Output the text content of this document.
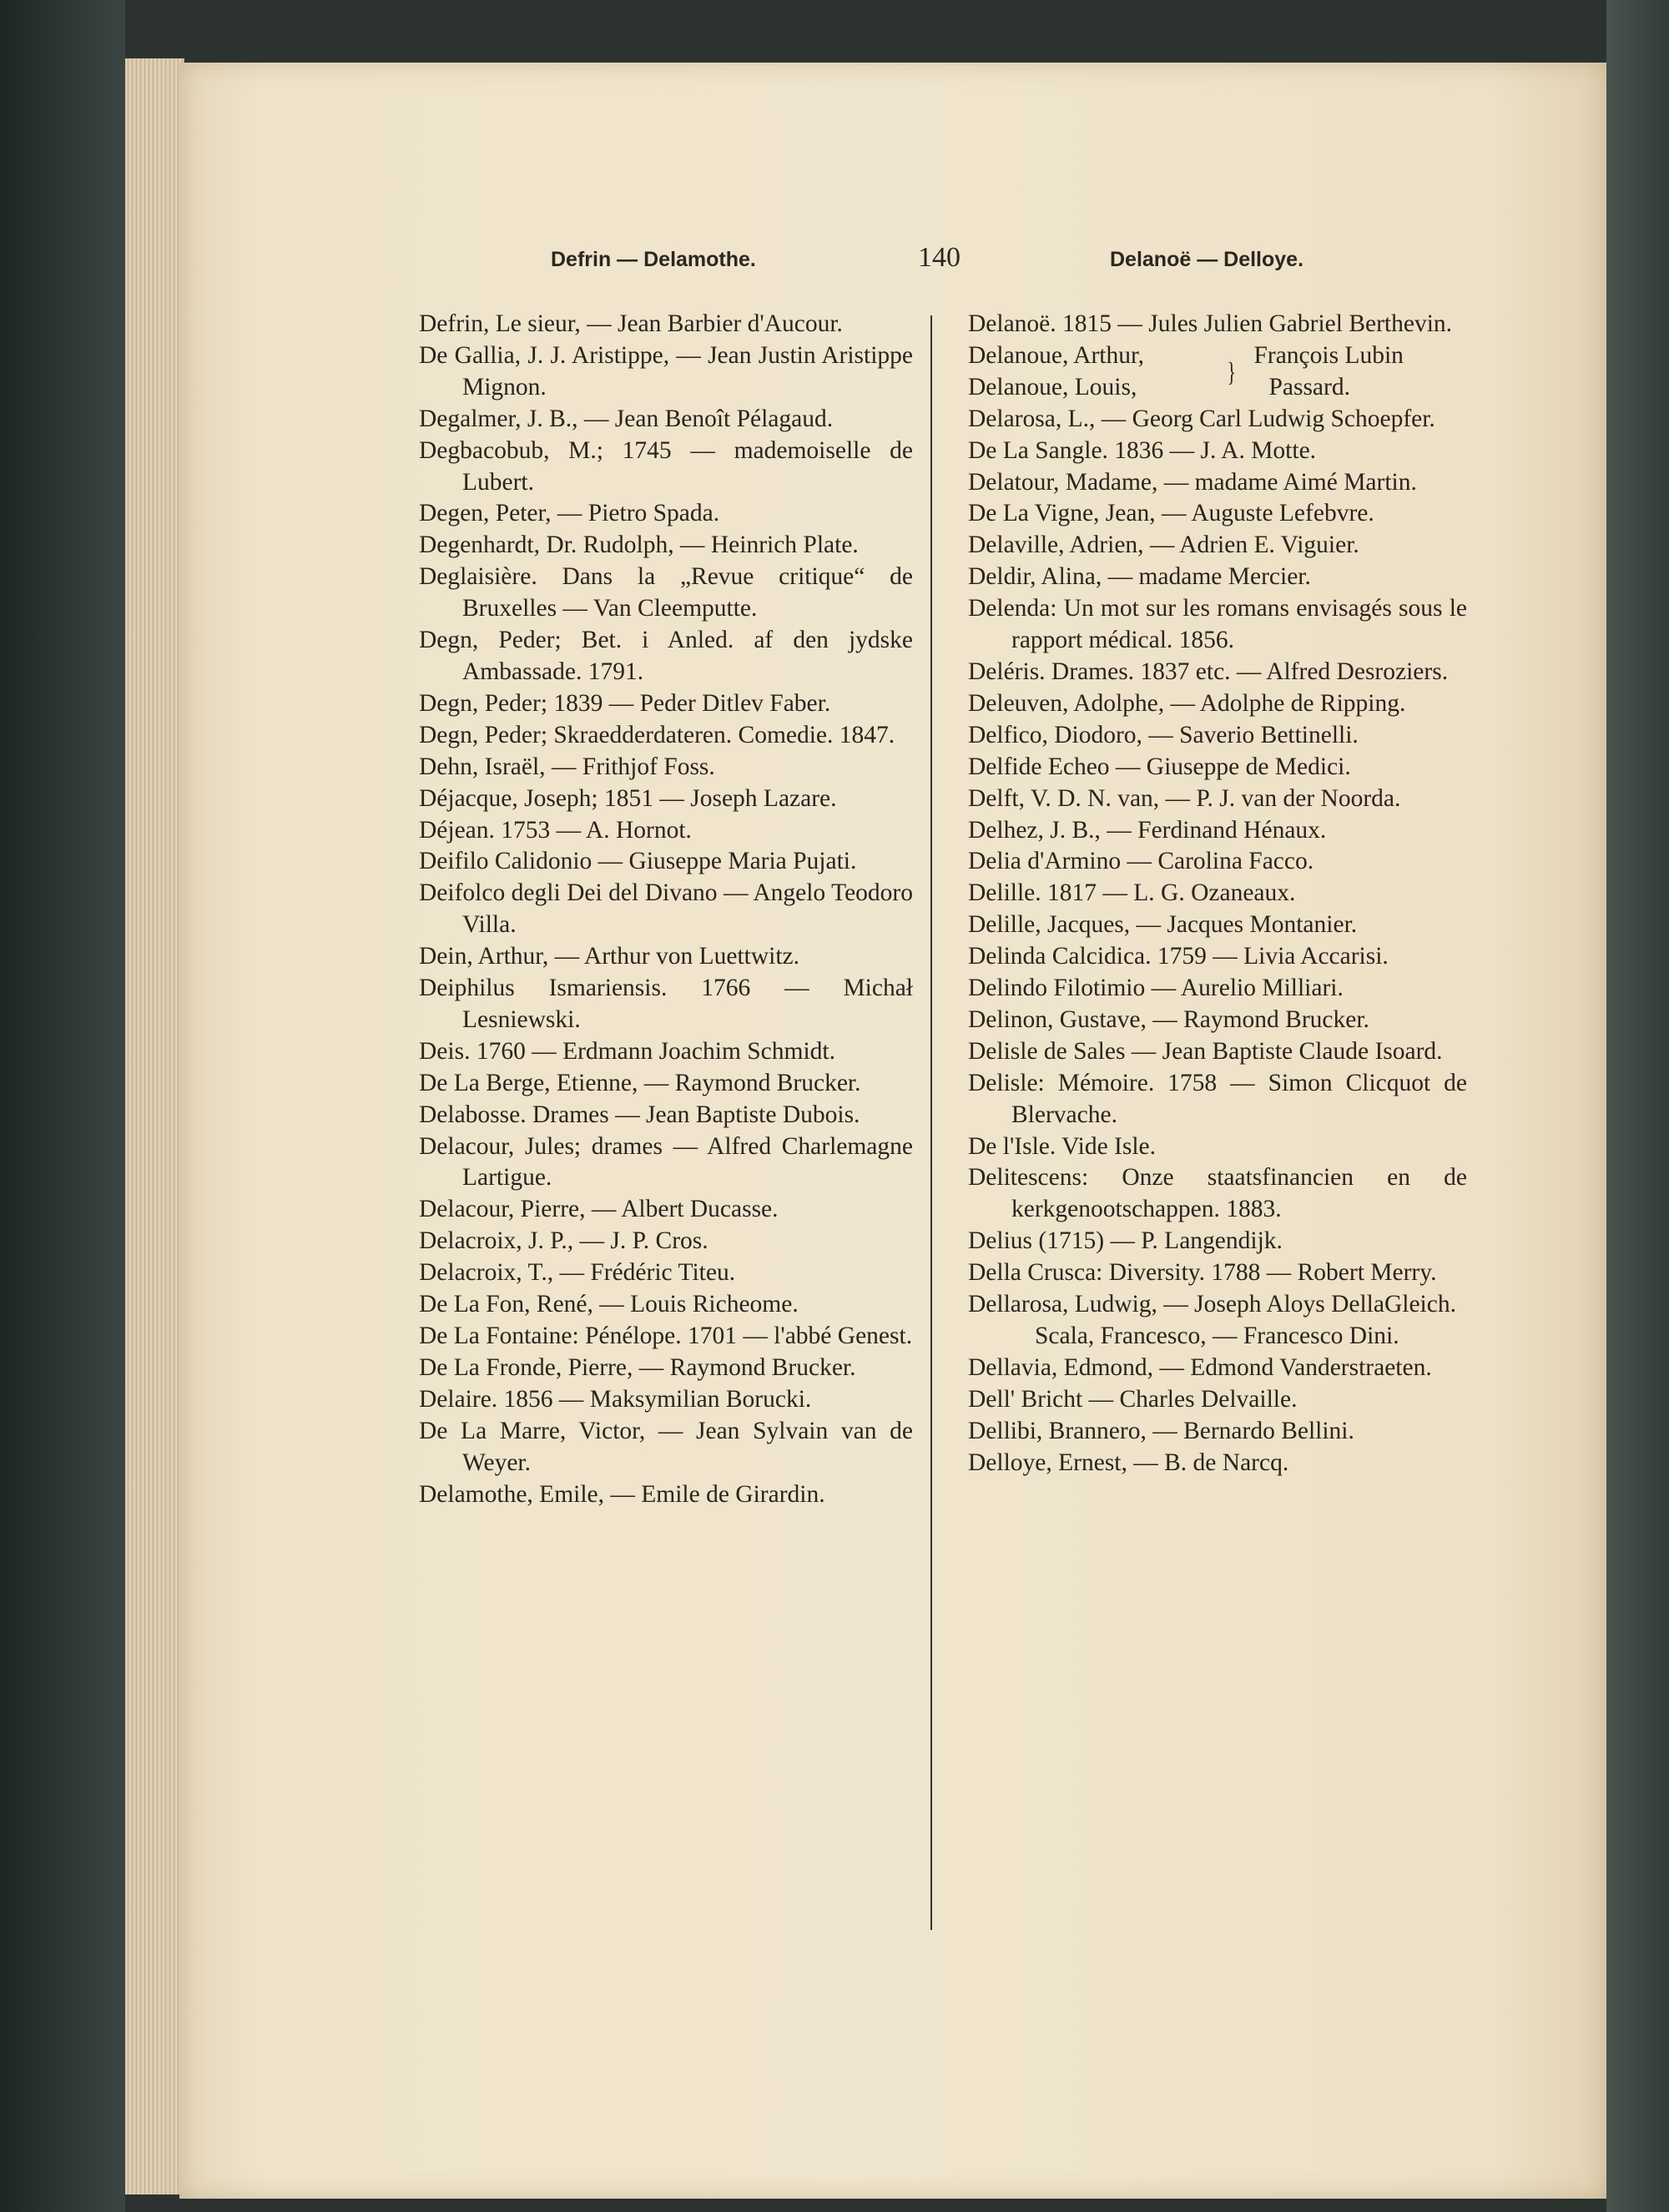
Defrin — Delamothe.	140	Delanoë — Delloye.

Defrin, Le sieur, — Jean Barbier d'Aucour.

De Gallia, J. J. Aristippe, — Jean Justin Aristippe Mignon.

Degalmer, J. B., — Jean Benoît Pélagaud.

Degbacobub, M.; 1745 — mademoiselle de Lubert.

Degen, Peter, — Pietro Spada.

Degenhardt, Dr. Rudolph, — Heinrich Plate.

Deglaisière. Dans la „Revue critique“ de Bruxelles — Van Cleemputte.

Degn, Peder; Bet. i Anled. af den jydske Ambassade. 1791.

Degn, Peder; 1839 — Peder Ditlev Faber.

Degn, Peder; Skraedderdateren. Comedie. 1847.

Dehn, Israël, — Frithjof Foss.

Déjacque, Joseph; 1851 — Joseph Lazare.

Déjean. 1753 — A. Hornot.

Deifilo Calidonio — Giuseppe Maria Pujati.

Deifolco degli Dei del Divano — Angelo Teodoro Villa.

Dein, Arthur, — Arthur von Luettwitz.

Deiphilus Ismariensis. 1766 — Michał Lesniewski.

Deis. 1760 — Erdmann Joachim Schmidt.

De La Berge, Etienne, — Raymond Brucker.

Delabosse. Drames — Jean Baptiste Dubois.

Delacour, Jules; drames — Alfred Charlemagne Lartigue.

Delacour, Pierre, — Albert Ducasse.

Delacroix, J. P., — J. P. Cros.

Delacroix, T., — Frédéric Titeu.

De La Fon, René, — Louis Richeome.

De La Fontaine: Pénélope. 1701 — l'abbé Genest.

De La Fronde, Pierre, — Raymond Brucker.

Delaire. 1856 — Maksymilian Borucki.

De La Marre, Victor, — Jean Sylvain van de Weyer.

Delamothe, Emile, — Emile de Girardin.

Delanoë. 1815 — Jules Julien Gabriel Berthevin.

Delanoue, Arthur,	}	François Lubin
Delanoue, Louis,		Passard.

Delarosa, L., — Georg Carl Ludwig Schoepfer.

De La Sangle. 1836 — J. A. Motte.

Delatour, Madame, — madame Aimé Martin.

De La Vigne, Jean, — Auguste Lefebvre.

Delaville, Adrien, — Adrien E. Viguier.

Deldir, Alina, — madame Mercier.

Delenda: Un mot sur les romans envisagés sous le rapport médical. 1856.

Deléris. Drames. 1837 etc. — Alfred Desroziers.

Deleuven, Adolphe, — Adolphe de Ripping.

Delfico, Diodoro, — Saverio Bettinelli.

Delfide Echeo — Giuseppe de Medici.

Delft, V. D. N. van, — P. J. van der Noorda.

Delhez, J. B., — Ferdinand Hénaux.

Delia d'Armino — Carolina Facco.

Delille. 1817 — L. G. Ozaneaux.

Delille, Jacques, — Jacques Montanier.

Delinda Calcidica. 1759 — Livia Accarisi.

Delindo Filotimio — Aurelio Milliari.

Delinon, Gustave, — Raymond Brucker.

Delisle de Sales — Jean Baptiste Claude Isoard.

Delisle: Mémoire. 1758 — Simon Clicquot de Blervache.

De l'Isle. Vide Isle.

Delitescens: Onze staatsfinancien en de kerkgenootschappen. 1883.

Delius (1715) — P. Langendijk.

Della Crusca: Diversity. 1788 — Robert Merry.

Dellarosa, Ludwig, — Joseph Aloys DellaGleich.

Scala, Francesco, — Francesco Dini.

Dellavia, Edmond, — Edmond Vanderstraeten.

Dell' Bricht — Charles Delvaille.

Dellibi, Brannero, — Bernardo Bellini.

Delloye, Ernest, — B. de Narcq.
